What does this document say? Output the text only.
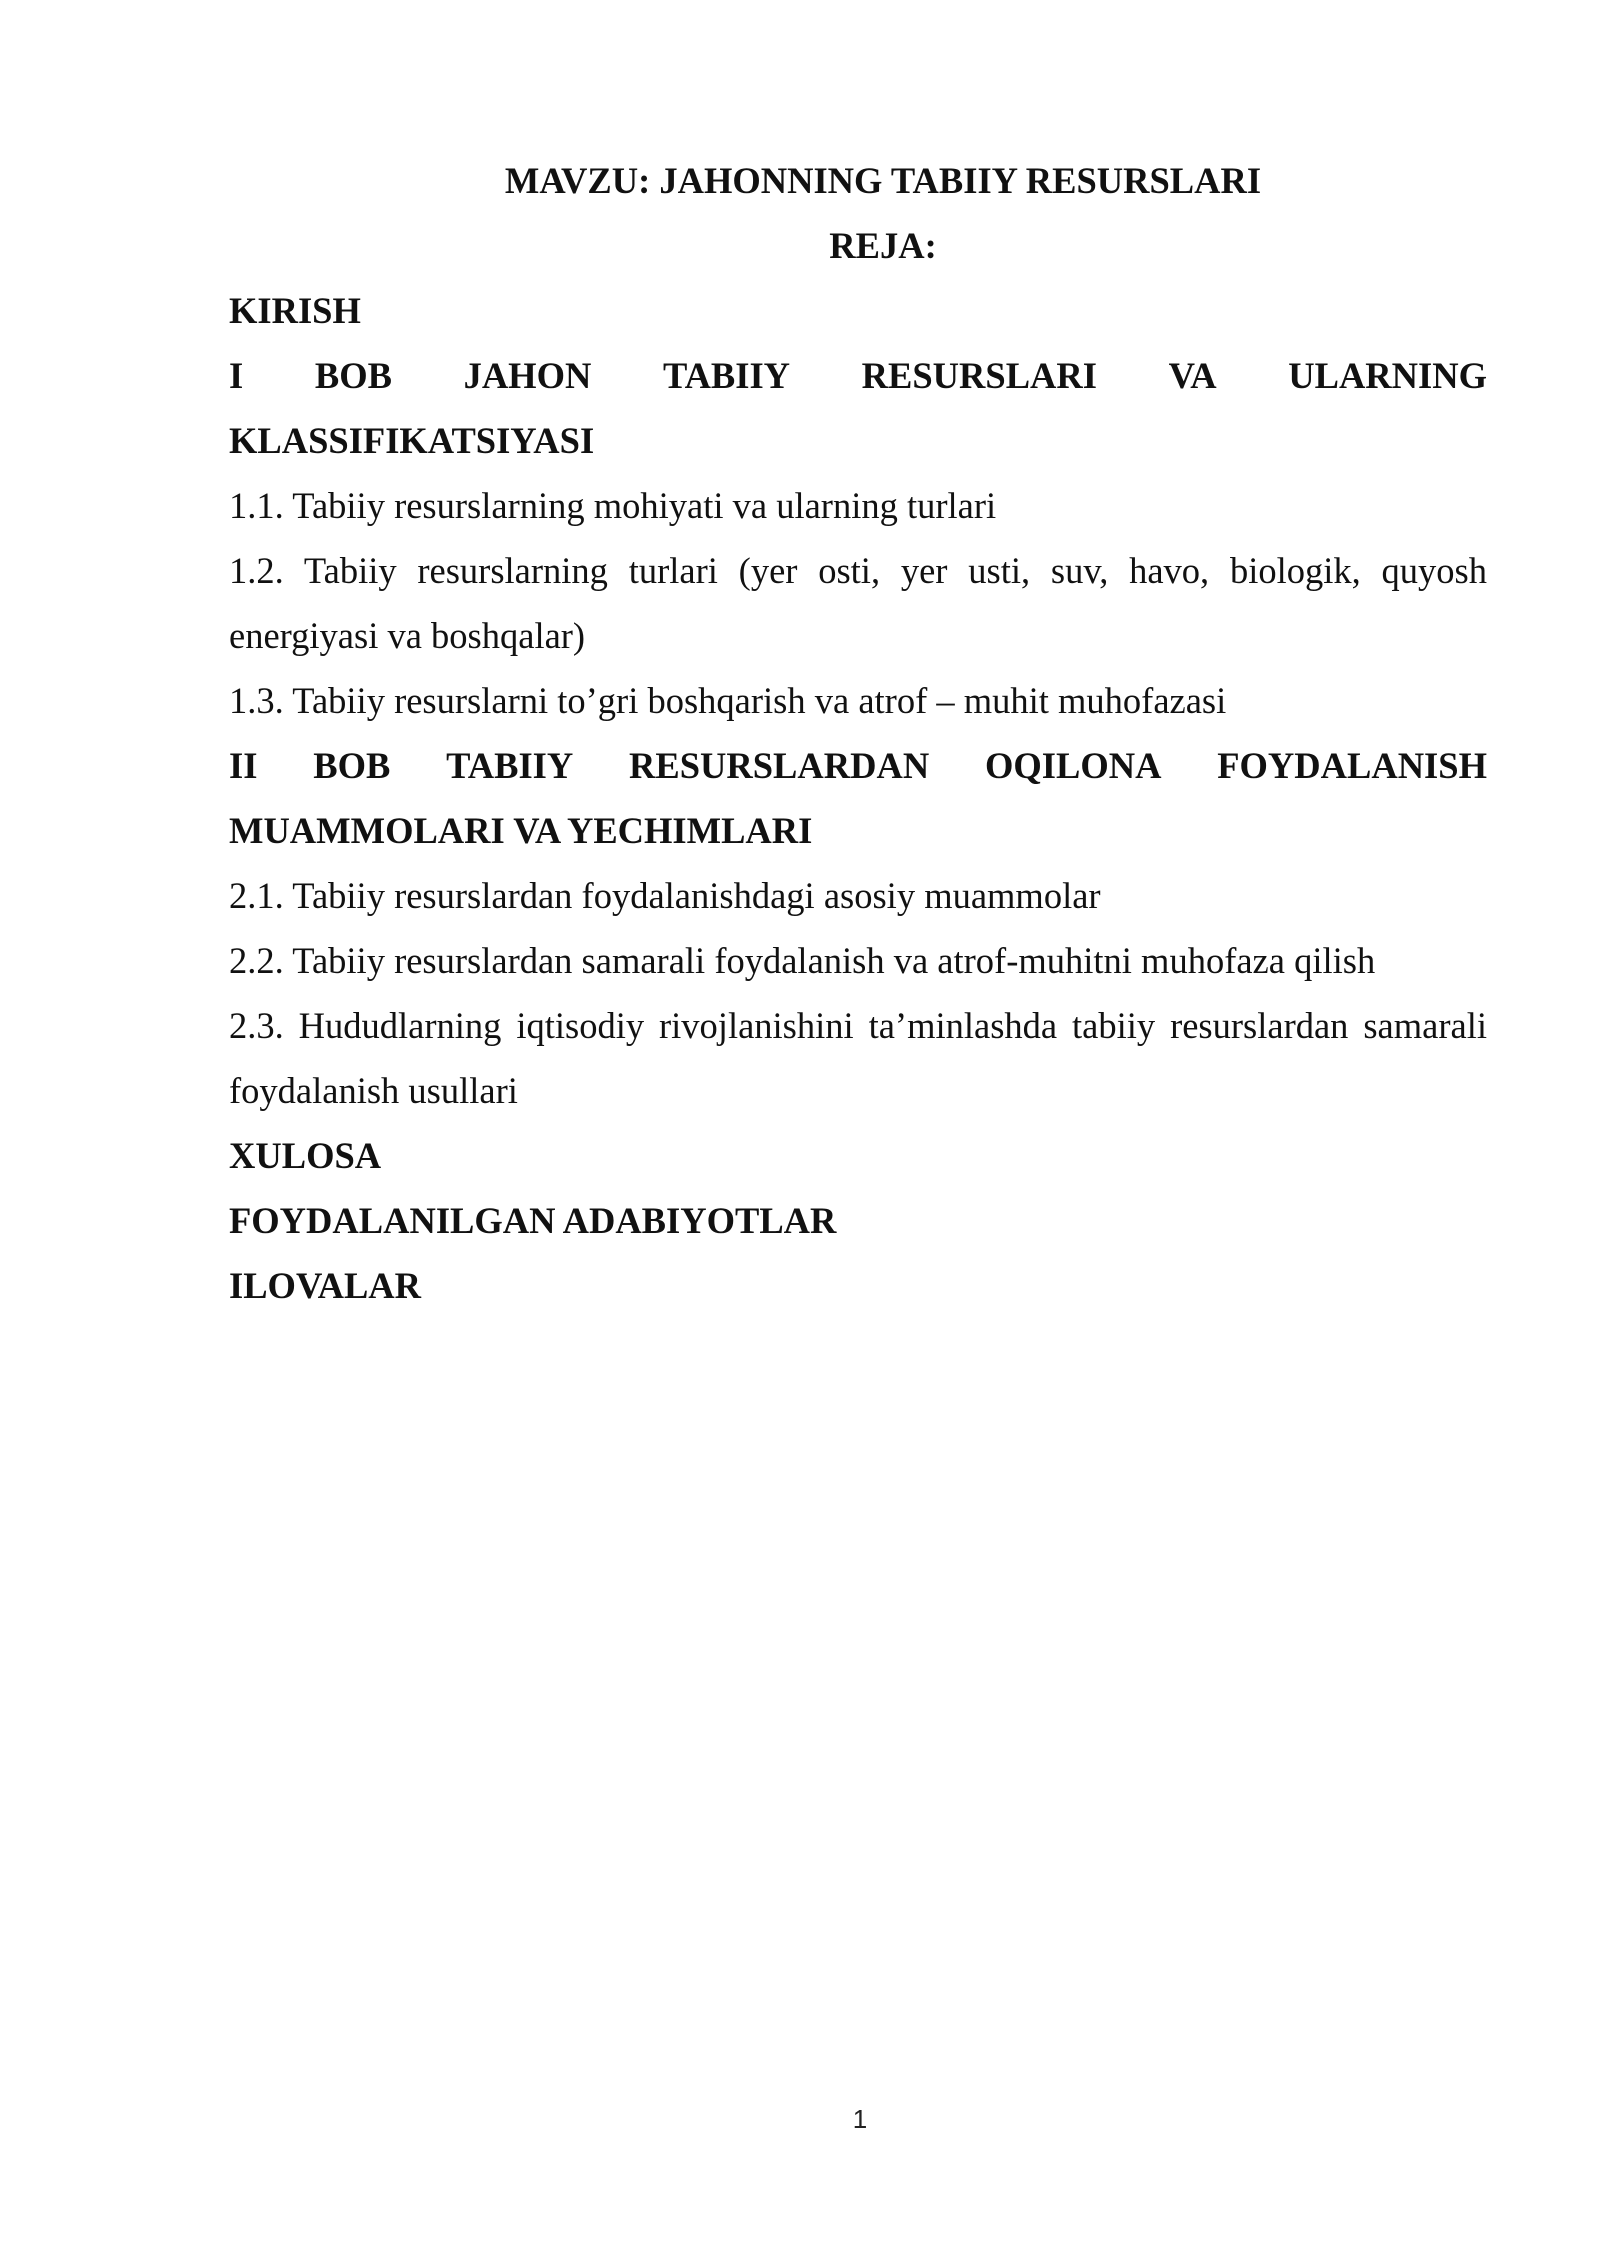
MAVZU: JAHONNING TABIIY RESURSLARI
REJA:
KIRISH
I BOB JAHON TABIIY RESURSLARI VA ULARNING
KLASSIFIKATSIYASI
1.1. Tabiiy resurslarning mohiyati va ularning turlari
1.2. Tabiiy resurslarning turlari (yer osti, yer usti, suv, havo, biologik, quyosh energiyasi va boshqalar)
1.3. Tabiiy resurslarni to’gri boshqarish va atrof – muhit muhofazasi
II BOB TABIIY RESURSLARDAN OQILONA FOYDALANISH
MUAMMOLARI VA YECHIMLARI
2.1. Tabiiy resurslardan foydalanishdagi asosiy muammolar
2.2. Tabiiy resurslardan samarali foydalanish va atrof-muhitni muhofaza qilish
2.3. Hududlarning iqtisodiy rivojlanishini ta’minlashda tabiiy resurslardan samarali foydalanish usullari
XULOSA
FOYDALANILGAN ADABIYOTLAR
ILOVALAR
1
